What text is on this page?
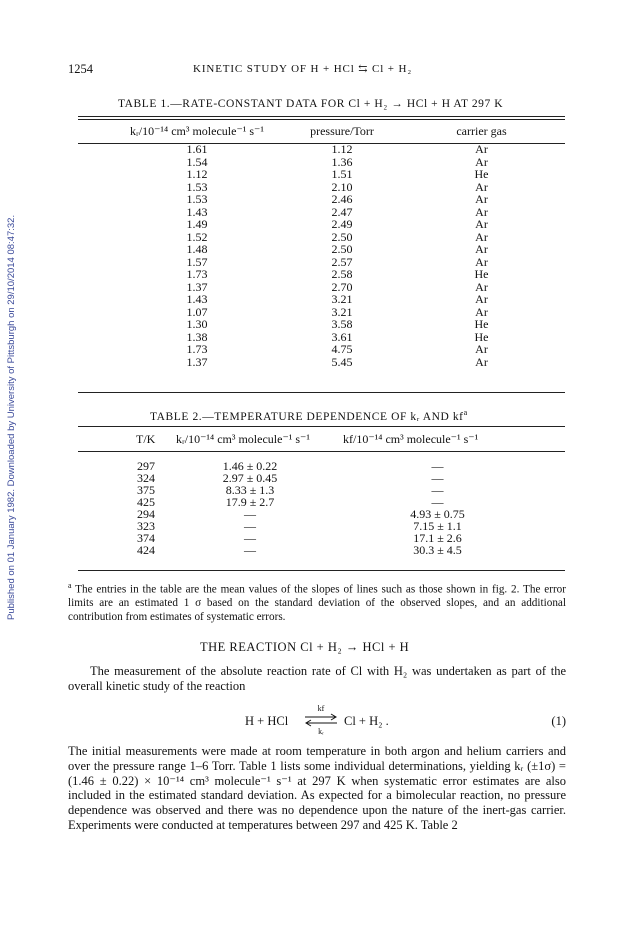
Published on 01 January 1982. Downloaded by University of Pittsburgh on 29/10/2014 08:47:32.
1254	KINETIC STUDY OF H + HCl ⇆ Cl + H₂
TABLE 1.—RATE-CONSTANT DATA FOR Cl + H₂ → HCl + H AT 297 K
kᵣ/10⁻¹⁴ cm³ molecule⁻¹ s⁻¹	pressure/Torr	carrier gas
1.61	1.12	Ar
1.54	1.36	Ar
1.12	1.51	He
1.53	2.10	Ar
1.53	2.46	Ar
1.43	2.47	Ar
1.49	2.49	Ar
1.52	2.50	Ar
1.48	2.50	Ar
1.57	2.57	Ar
1.73	2.58	He
1.37	2.70	Ar
1.43	3.21	Ar
1.07	3.21	Ar
1.30	3.58	He
1.38	3.61	He
1.73	4.75	Ar
1.37	5.45	Ar
TABLE 2.—TEMPERATURE DEPENDENCE OF kᵣ AND $kf^a$
T/K kᵣ/10⁻¹⁴ cm³ molecule⁻¹ s⁻¹	kf/10⁻¹⁴ cm³ molecule⁻¹ s⁻¹
297	1.46 ± 0.22	—
324	2.97 ± 0.45	—
375	8.33 ± 1.3	—
425	17.9 ± 2.7	—
294	—	4.93 ± 0.75
323	—	7.15 ± 1.1
374	—	17.1 ± 2.6
424	—	30.3 ± 4.5
$^a$ The entries in the table are the mean values of the slopes of lines such as those shown in fig. 2. The error limits are an estimated 1 σ based on the standard deviation of the observed slopes, and an additional contribution from estimates of systematic errors.
THE REACTION Cl + H₂ → HCl + H
The measurement of the absolute reaction rate of Cl with H₂ was undertaken as part of the overall kinetic study of the reaction
H + HCl
kf
kᵣ
Cl + H₂ .	(1)
The initial measurements were made at room temperature in both argon and helium carriers and over the pressure range 1–6 Torr. Table 1 lists some individual determinations, yielding kᵣ (±1σ) = (1.46 ± 0.22) × 10⁻¹⁴ cm³ molecule⁻¹ s⁻¹ at 297 K when systematic error estimates are also included in the estimated standard deviation. As expected for a bimolecular reaction, no pressure dependence was observed and there was no dependence upon the nature of the inert-gas carrier. Experiments were conducted at temperatures between 297 and 425 K. Table 2
